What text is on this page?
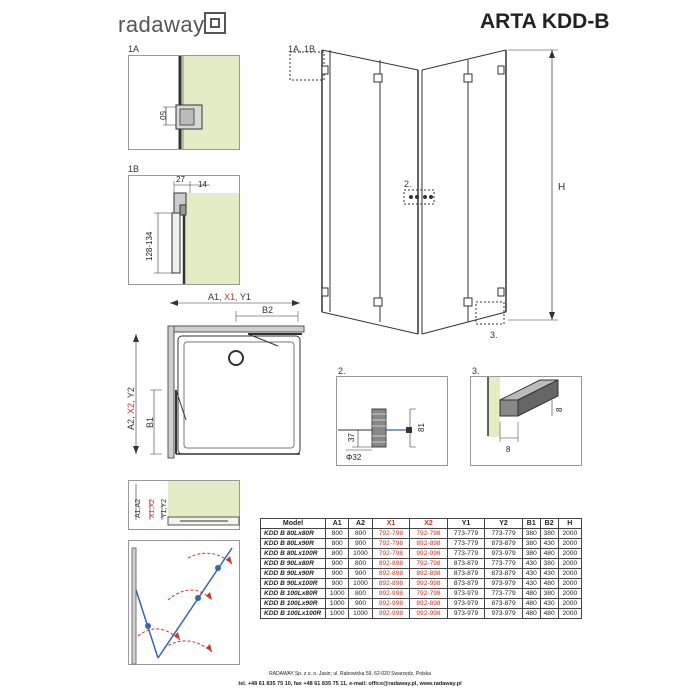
radaway	ARTA KDD-B
1A
50
1B
27
14
128-134
1A, 1B
2.
3.
H
A1, X1, Y1
B2
A2, X2, Y2
B1
2.
37
81
Φ32
3.
8
8
A1,A2 X1,X2 Y1,Y2
Model	A1	A2	X1	X2	Y1	Y2	B1	B2	H
KDD B 80Lx80R	800	800	792-798	792-798	773-779	773-779	380	380	2000
KDD B 80Lx90R	800	900	792-798	892-898	773-779	873-879	380	430	2000
KDD B 80Lx100R	800	1000	792-798	992-998	773-779	973-979	380	480	2000
KDD B 90Lx80R	900	800	892-898	792-798	873-879	773-779	430	380	2000
KDD B 90Lx90R	900	900	892-898	892-898	873-879	873-879	430	430	2000
KDD B 90Lx100R	900	1000	892-898	992-998	873-879	973-979	430	480	2000
KDD B 100Lx80R	1000	800	992-998	792-798	973-979	773-779	480	380	2000
KDD B 100Lx90R	1000	900	992-998	892-898	973-979	873-879	480	430	2000
KDD B 100Lx100R	1000	1000	992-998	992-998	973-979	973-979	480	480	2000
RADAWAY Sp. z o. o. Jasin; ul. Rabowicka 59, 62-020 Swarzędz, Polska
tel. +48 61 835 75 10, fax +48 61 835 75 11, e-mail: office@radaway.pl, www.radaway.pl
